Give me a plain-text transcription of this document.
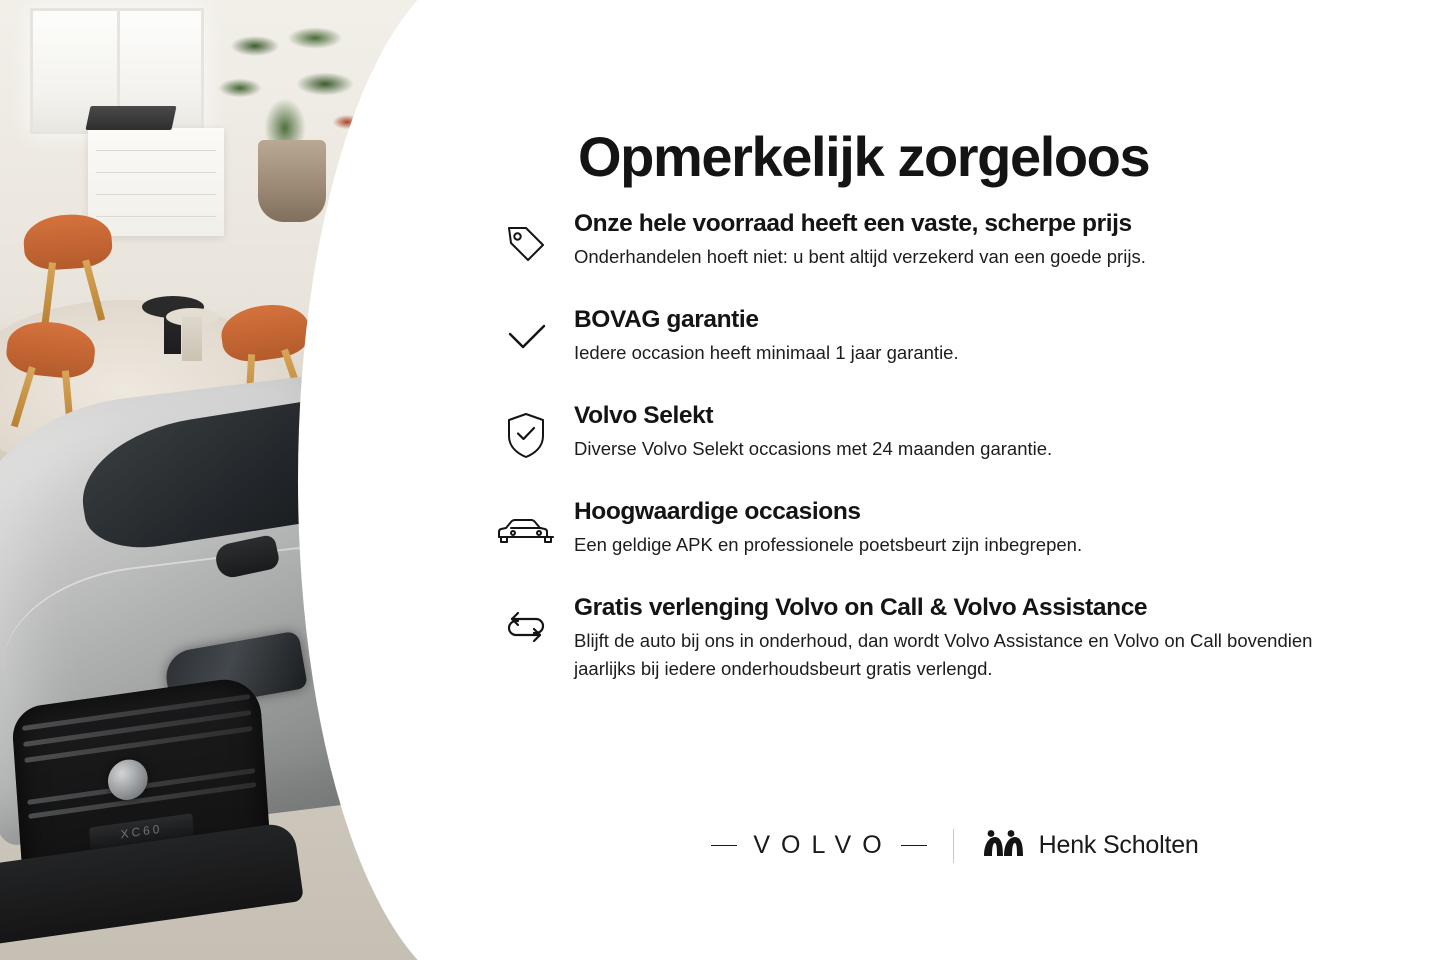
XC60
Opmerkelijk zorgeloos
Onze hele voorraad heeft een vaste, scherpe prijs

Onderhandelen hoeft niet: u bent altijd verzekerd van een goede prijs.

BOVAG garantie

Iedere occasion heeft minimaal 1 jaar garantie.

Volvo Selekt

Diverse Volvo Selekt occasions met 24 maanden garantie.

Hoogwaardige occasions

Een geldige APK en professionele poetsbeurt zijn inbegrepen.

Gratis verlenging Volvo on Call & Volvo Assistance

Blijft de auto bij ons in onderhoud, dan wordt Volvo Assistance en Volvo on Call bovendien jaarlijks bij iedere onderhoudsbeurt gratis verlengd.

VOLVO	Henk Scholten
